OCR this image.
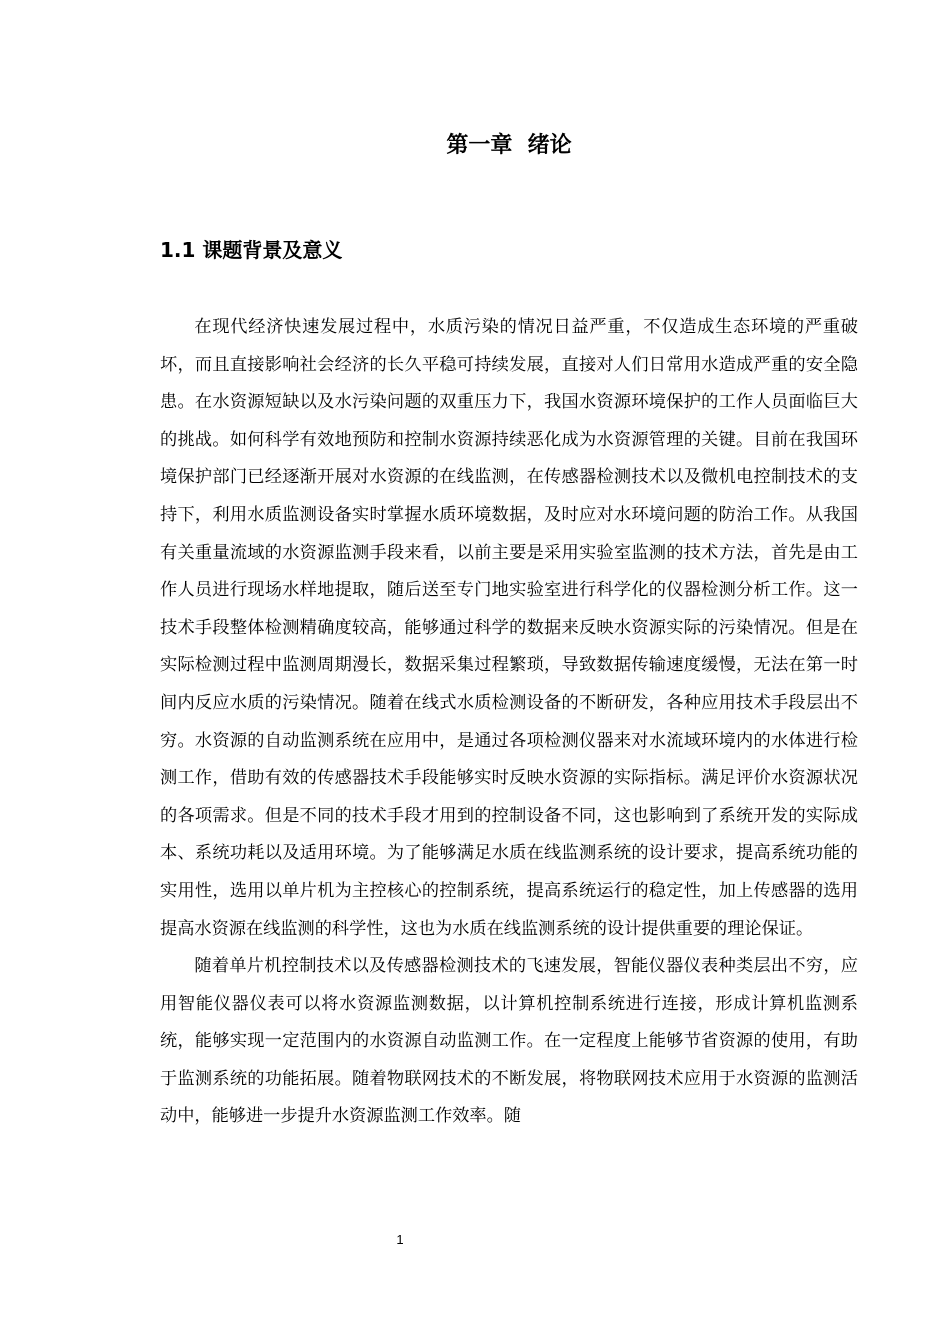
第一章  绪论
1.1 课题背景及意义

在现代经济快速发展过程中，水质污染的情况日益严重，不仅造成生态环境的严重破坏，而且直接影响社会经济的长久平稳可持续发展，直接对人们日常用水造成严重的安全隐患。在水资源短缺以及水污染问题的双重压力下，我国水资源环境保护的工作人员面临巨大的挑战。如何科学有效地预防和控制水资源持续恶化成为水资源管理的关键。目前在我国环境保护部门已经逐渐开展对水资源的在线监测，在传感器检测技术以及微机电控制技术的支持下，利用水质监测设备实时掌握水质环境数据，及时应对水环境问题的防治工作。从我国有关重量流域的水资源监测手段来看，以前主要是采用实验室监测的技术方法，首先是由工作人员进行现场水样地提取，随后送至专门地实验室进行科学化的仪器检测分析工作。这一技术手段整体检测精确度较高，能够通过科学的数据来反映水资源实际的污染情况。但是在实际检测过程中监测周期漫长，数据采集过程繁琐，导致数据传输速度缓慢，无法在第一时间内反应水质的污染情况。随着在线式水质检测设备的不断研发，各种应用技术手段层出不穷。水资源的自动监测系统在应用中，是通过各项检测仪器来对水流域环境内的水体进行检测工作，借助有效的传感器技术手段能够实时反映水资源的实际指标。满足评价水资源状况的各项需求。但是不同的技术手段才用到的控制设备不同，这也影响到了系统开发的实际成本、系统功耗以及适用环境。为了能够满足水质在线监测系统的设计要求，提高系统功能的实用性，选用以单片机为主控核心的控制系统，提高系统运行的稳定性，加上传感器的选用提高水资源在线监测的科学性，这也为水质在线监测系统的设计提供重要的理论保证。

随着单片机控制技术以及传感器检测技术的飞速发展，智能仪器仪表种类层出不穷，应用智能仪器仪表可以将水资源监测数据，以计算机控制系统进行连接，形成计算机监测系统，能够实现一定范围内的水资源自动监测工作。在一定程度上能够节省资源的使用，有助于监测系统的功能拓展。随着物联网技术的不断发展，将物联网技术应用于水资源的监测活动中，能够进一步提升水资源监测工作效率。随

1
